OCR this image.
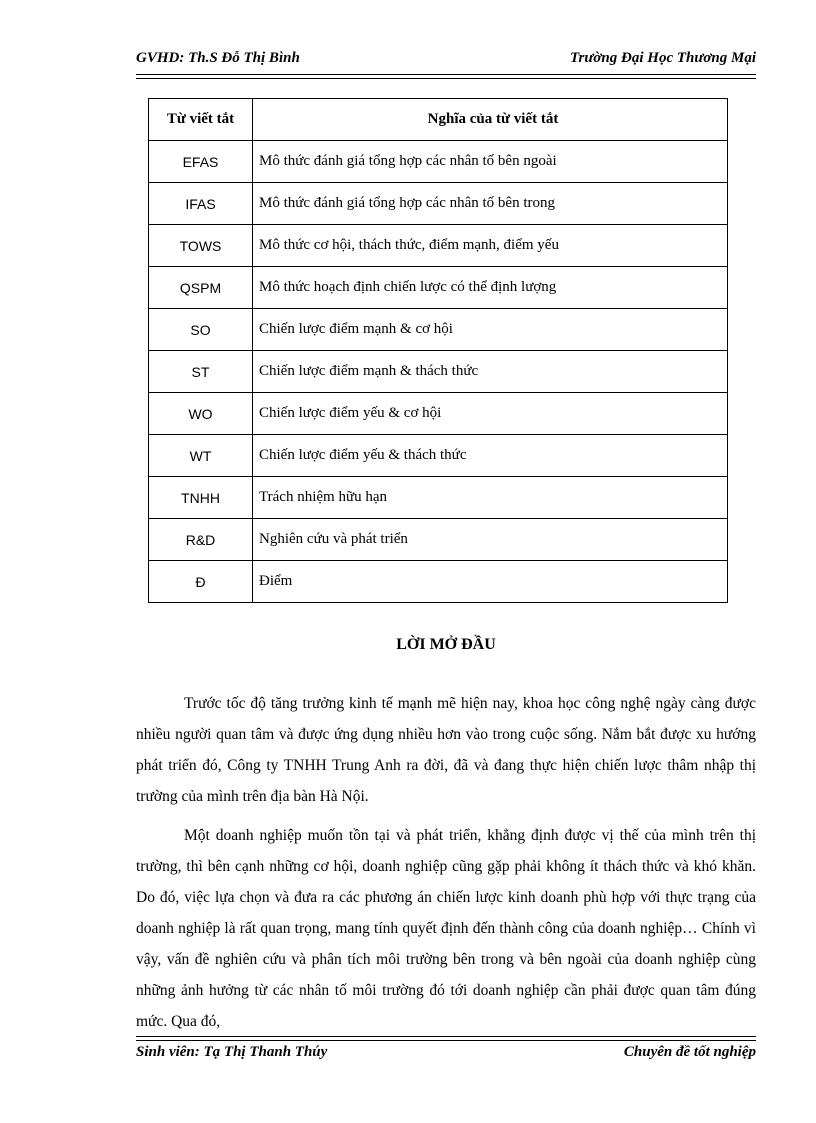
GVHD: Th.S Đỗ Thị Bình	Trường Đại Học Thương Mại
Từ viết tắt	Nghĩa của từ viết tắt
EFAS	Mô thức đánh giá tổng hợp các nhân tố bên ngoài
IFAS	Mô thức đánh giá tổng hợp các nhân tố bên trong
TOWS	Mô thức cơ hội, thách thức, điểm mạnh, điểm yếu
QSPM	Mô thức hoạch định chiến lược có thể định lượng
SO	Chiến lược điểm mạnh & cơ hội
ST	Chiến lược điểm mạnh & thách thức
WO	Chiến lược điểm yếu & cơ hội
WT	Chiến lược điểm yếu & thách thức
TNHH	Trách nhiệm hữu hạn
R&D	Nghiên cứu và phát triển
Đ	Điểm
LỜI MỞ ĐẦU

Trước tốc độ tăng trưởng kinh tế mạnh mẽ hiện nay, khoa học công nghệ ngày càng được nhiều người quan tâm và được ứng dụng nhiều hơn vào trong cuộc sống. Nắm bắt được xu hướng phát triển đó, Công ty TNHH Trung Anh ra đời, đã và đang thực hiện chiến lược thâm nhập thị trường của mình trên địa bàn Hà Nội.

Một doanh nghiệp muốn tồn tại và phát triển, khẳng định được vị thế của mình trên thị trường, thì bên cạnh những cơ hội, doanh nghiệp cũng gặp phải không ít thách thức và khó khăn. Do đó, việc lựa chọn và đưa ra các phương án chiến lược kinh doanh phù hợp với thực trạng của doanh nghiệp là rất quan trọng, mang tính quyết định đến thành công của doanh nghiệp… Chính vì vậy, vấn đề nghiên cứu và phân tích môi trường bên trong và bên ngoài của doanh nghiệp cùng những ảnh hưởng từ các nhân tố môi trường đó tới doanh nghiệp cần phải được quan tâm đúng mức. Qua đó,

Sinh viên: Tạ Thị Thanh Thúy	Chuyên đề tốt nghiệp
